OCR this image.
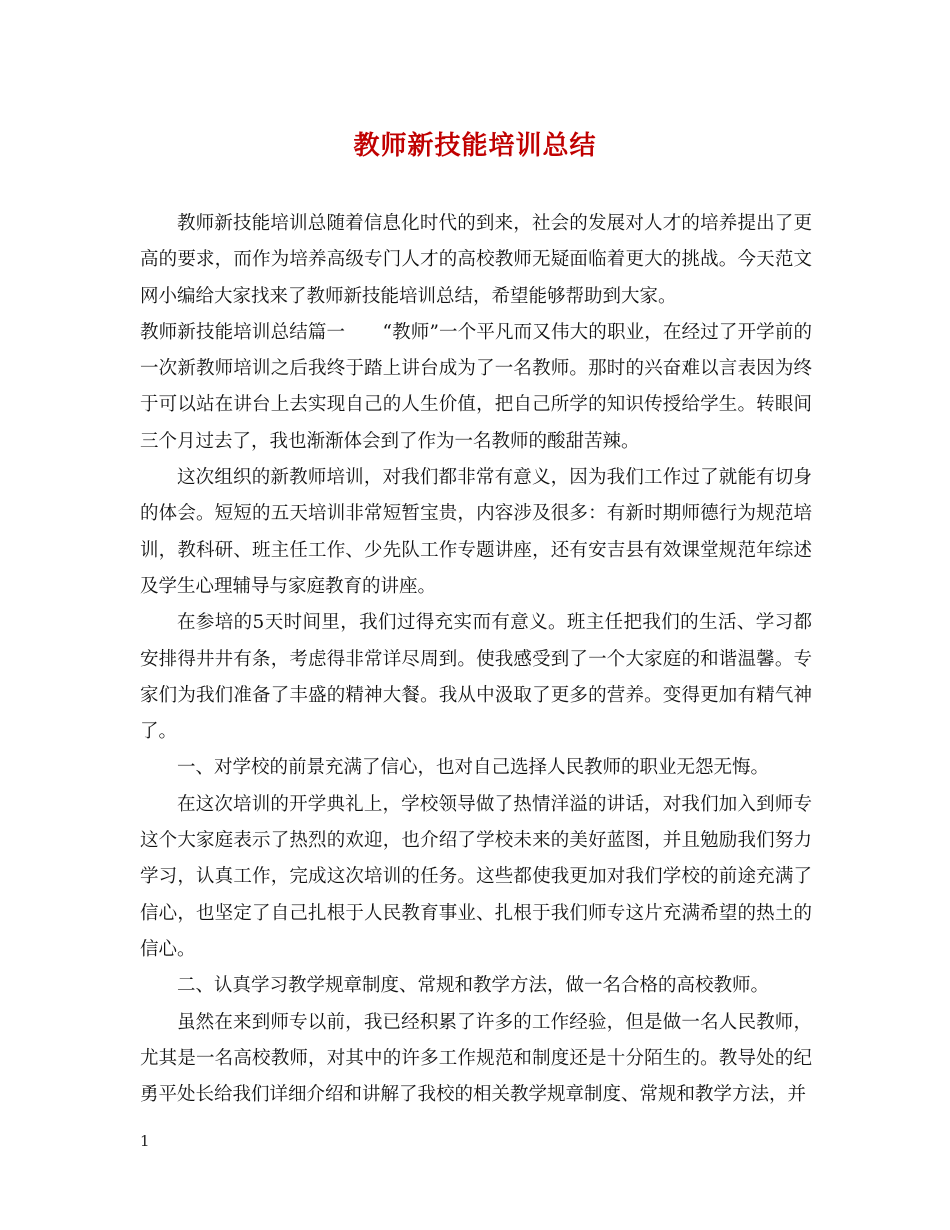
教师新技能培训总结

教师新技能培训总随着信息化时代的到来，社会的发展对人才的培养提出了更高的要求，而作为培养高级专门人才的高校教师无疑面临着更大的挑战。今天范文网小编给大家找来了教师新技能培训总结，希望能够帮助到大家。

教师新技能培训总结篇一　　“教师”一个平凡而又伟大的职业，在经过了开学前的一次新教师培训之后我终于踏上讲台成为了一名教师。那时的兴奋难以言表因为终于可以站在讲台上去实现自己的人生价值，把自己所学的知识传授给学生。转眼间三个月过去了，我也渐渐体会到了作为一名教师的酸甜苦辣。

这次组织的新教师培训，对我们都非常有意义，因为我们工作过了就能有切身的体会。短短的五天培训非常短暂宝贵，内容涉及很多：有新时期师德行为规范培训，教科研、班主任工作、少先队工作专题讲座，还有安吉县有效课堂规范年综述及学生心理辅导与家庭教育的讲座。

在参培的5天时间里，我们过得充实而有意义。班主任把我们的生活、学习都安排得井井有条，考虑得非常详尽周到。使我感受到了一个大家庭的和谐温馨。专家们为我们准备了丰盛的精神大餐。我从中汲取了更多的营养。变得更加有精气神了。

一、对学校的前景充满了信心，也对自己选择人民教师的职业无怨无悔。

在这次培训的开学典礼上，学校领导做了热情洋溢的讲话，对我们加入到师专这个大家庭表示了热烈的欢迎，也介绍了学校未来的美好蓝图，并且勉励我们努力学习，认真工作，完成这次培训的任务。这些都使我更加对我们学校的前途充满了信心，也坚定了自己扎根于人民教育事业、扎根于我们师专这片充满希望的热土的信心。

二、认真学习教学规章制度、常规和教学方法，做一名合格的高校教师。

虽然在来到师专以前，我已经积累了许多的工作经验，但是做一名人民教师，尤其是一名高校教师，对其中的许多工作规范和制度还是十分陌生的。教导处的纪勇平处长给我们详细介绍和讲解了我校的相关教学规章制度、常规和教学方法，并

1
